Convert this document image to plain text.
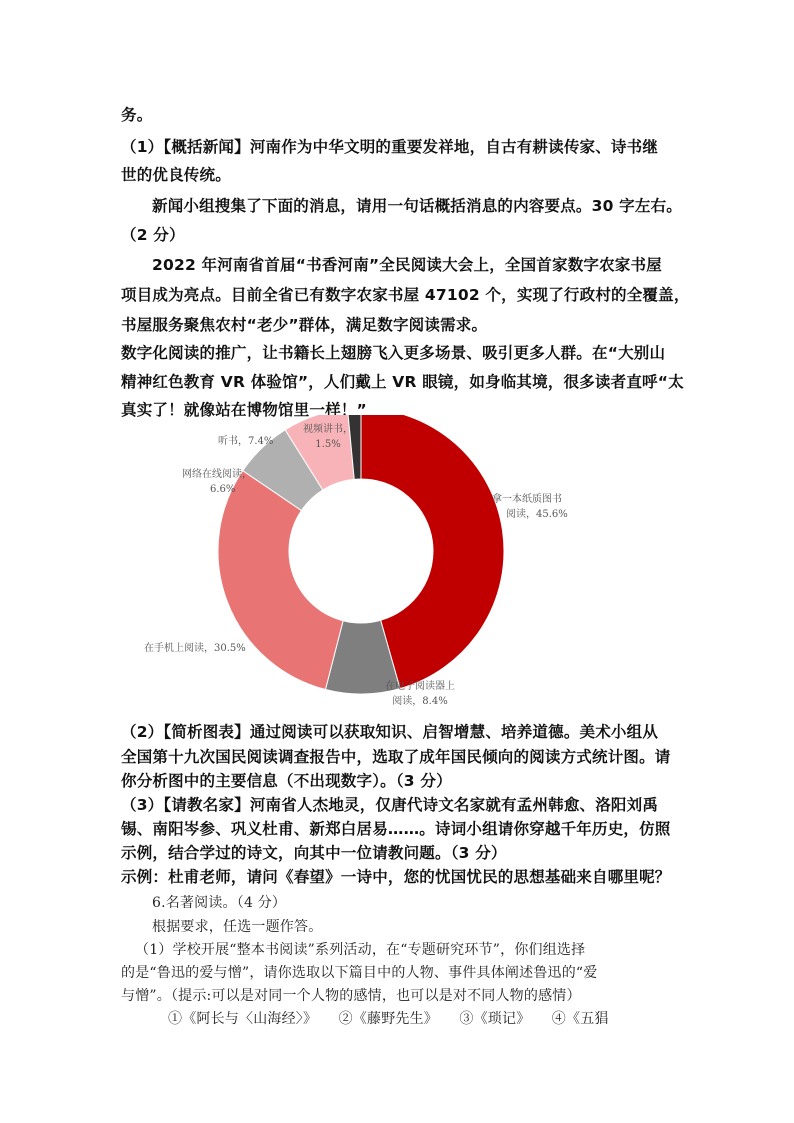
务。
（1）【概括新闻】河南作为中华文明的重要发祥地，自古有耕读传家、诗书继
世的优良传统。
新闻小组搜集了下面的消息，请用一句话概括消息的内容要点。30 字左右。
（2 分）
2022 年河南省首届“书香河南”全民阅读大会上，全国首家数字农家书屋
项目成为亮点。目前全省已有数字农家书屋 47102 个，实现了行政村的全覆盖，
书屋服务聚焦农村“老少”群体，满足数字阅读需求。
数字化阅读的推广，让书籍长上翅膀飞入更多场景、吸引更多人群。在“大别山
精神红色教育 VR 体验馆”，人们戴上 VR 眼镜，如身临其境，很多读者直呼“太
真实了！就像站在博物馆里一样！”
拿一本纸质图书阅读，45.6%
在电子阅读器上阅读，8.4%
在手机上阅读，30.5%
网络在线阅读， 6.6%
听书，7.4%
视频讲书， 1.5%
（2）【简析图表】通过阅读可以获取知识、启智增慧、培养道德。美术小组从
全国第十九次国民阅读调查报告中，选取了成年国民倾向的阅读方式统计图。请
你分析图中的主要信息（不出现数字）。（3 分）
（3）【请教名家】河南省人杰地灵，仅唐代诗文名家就有孟州韩愈、洛阳刘禹
锡、南阳岑参、巩义杜甫、新郑白居易……。诗词小组请你穿越千年历史，仿照
示例，结合学过的诗文，向其中一位请教问题。（3 分）
示例：杜甫老师，请问《春望》一诗中，您的忧国忧民的思想基础来自哪里呢？
6.名著阅读。（4 分）
根据要求，任选一题作答。
（1）学校开展“整本书阅读”系列活动，在“专题研究环节”，你们组选择
的是“鲁迅的爱与憎”，请你选取以下篇目中的人物、事件具体阐述鲁迅的“爱
与憎”。（提示:可以是对同一个人物的感情，也可以是对不同人物的感情）
①《阿长与〈山海经〉》　　②《藤野先生》　　③《琐记》　　④《五猖
